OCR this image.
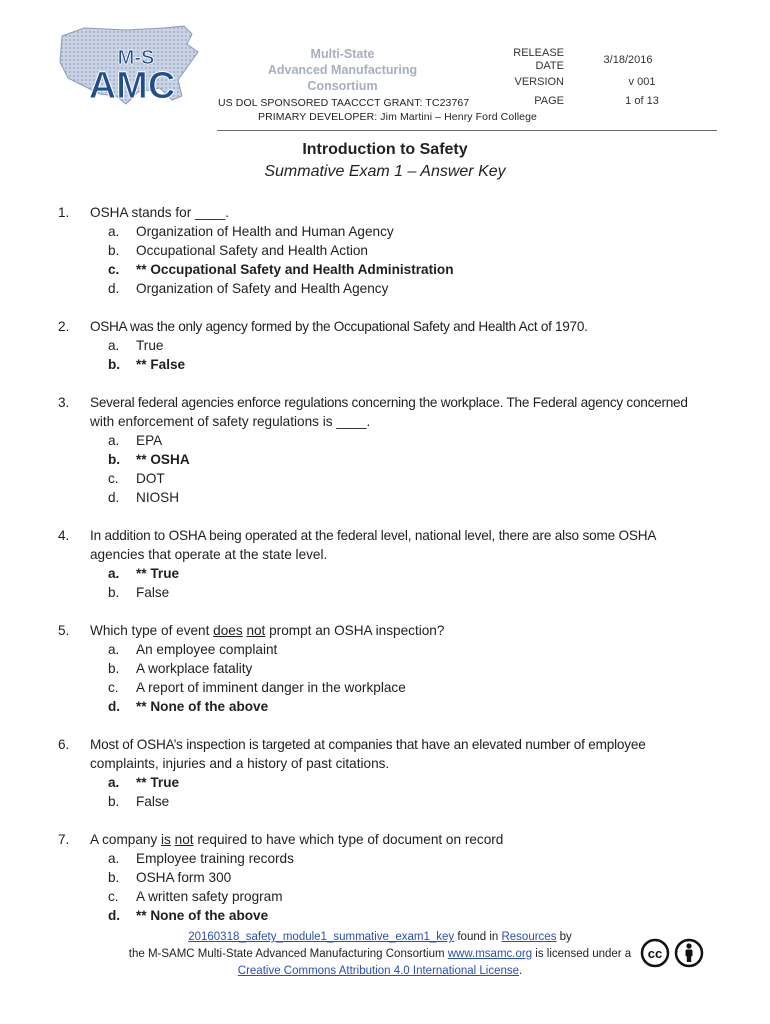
M-S
AMC
Multi-State
Advanced Manufacturing
Consortium
RELEASE
DATE	3/18/2016
VERSION	v 001
PAGE	1 of 13
US DOL SPONSORED TAACCCT GRANT: TC23767
PRIMARY DEVELOPER: Jim Martini – Henry Ford College
Introduction to Safety
Summative Exam 1 – Answer Key
1.	OSHA stands for ____.
a.	Organization of Health and Human Agency
b.	Occupational Safety and Health Action
c.	** Occupational Safety and Health Administration
d.	Organization of Safety and Health Agency
2.	OSHA was the only agency formed by the Occupational Safety and Health Act of 1970.
a.	True
b.	** False
3.	Several federal agencies enforce regulations concerning the workplace. The Federal agency concerned
with enforcement of safety regulations is ____.
a.	EPA
b.	** OSHA
c.	DOT
d.	NIOSH
4.	In addition to OSHA being operated at the federal level, national level, there are also some OSHA
agencies that operate at the state level.
a.	** True
b.	False
5.	Which type of event does not prompt an OSHA inspection?
a.	An employee complaint
b.	A workplace fatality
c.	A report of imminent danger in the workplace
d.	** None of the above
6.	Most of OSHA’s inspection is targeted at companies that have an elevated number of employee
complaints, injuries and a history of past citations.
a.	** True
b.	False
7.	A company is not required to have which type of document on record
a.	Employee training records
b.	OSHA form 300
c.	A written safety program
d.	** None of the above
20160318_safety_module1_summative_exam1_key found in Resources by
the M-SAMC Multi-State Advanced Manufacturing Consortium www.msamc.org is licensed under a
Creative Commons Attribution 4.0 International License.
cc
